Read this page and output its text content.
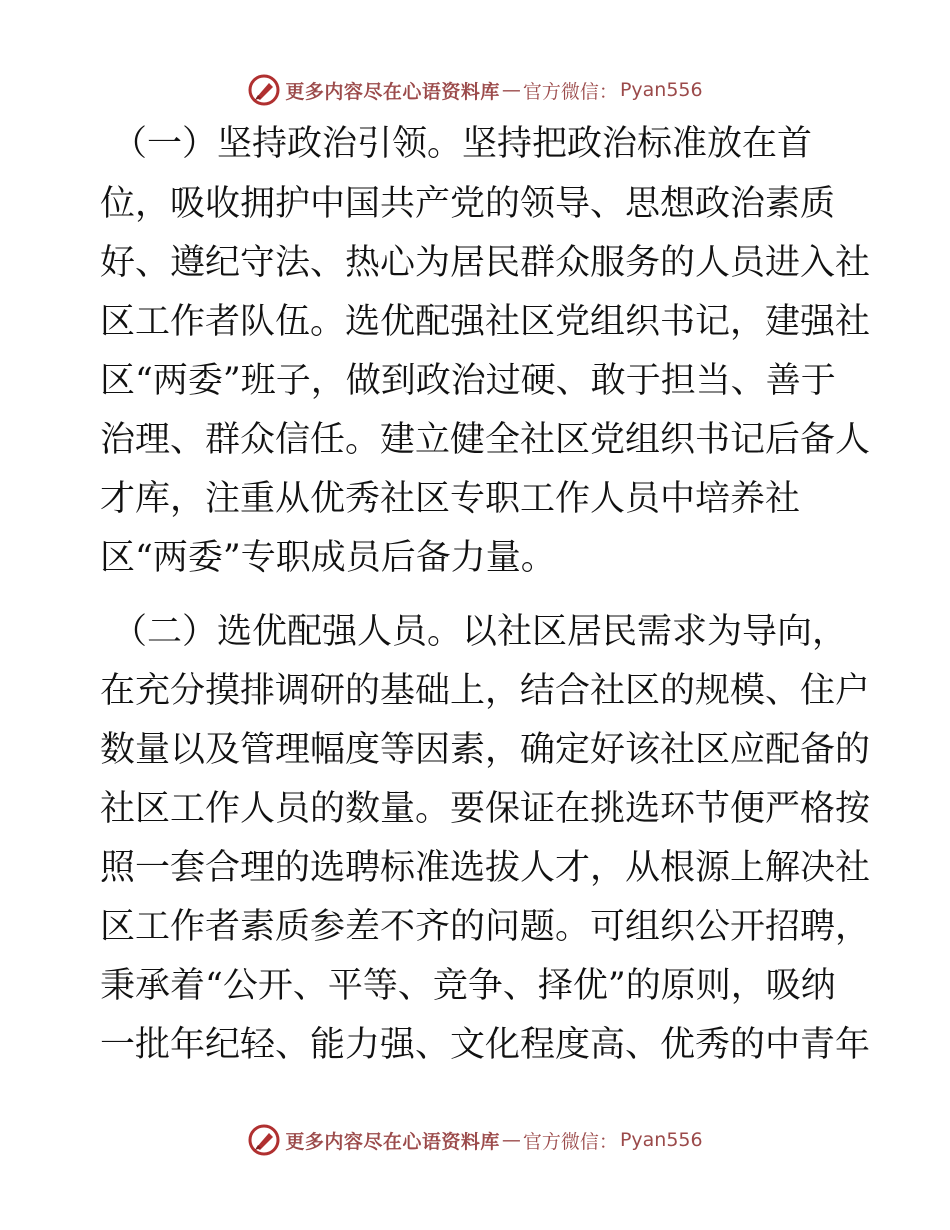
更多内容尽在心语资料库 — 官方微信： Pyan556
（一）坚持政治引领。坚持把政治标准放在首
位，吸收拥护中国共产党的领导、思想政治素质
好、遵纪守法、热心为居民群众服务的人员进入社
区工作者队伍。选优配强社区党组织书记，建强社
区“两委”班子，做到政治过硬、敢于担当、善于
治理、群众信任。建立健全社区党组织书记后备人
才库，注重从优秀社区专职工作人员中培养社
区“两委”专职成员后备力量。
（二）选优配强人员。以社区居民需求为导向，
在充分摸排调研的基础上，结合社区的规模、住户
数量以及管理幅度等因素，确定好该社区应配备的
社区工作人员的数量。要保证在挑选环节便严格按
照一套合理的选聘标准选拔人才，从根源上解决社
区工作者素质参差不齐的问题。可组织公开招聘，
秉承着“公开、平等、竞争、择优”的原则，吸纳
一批年纪轻、能力强、文化程度高、优秀的中青年
更多内容尽在心语资料库 — 官方微信： Pyan556
